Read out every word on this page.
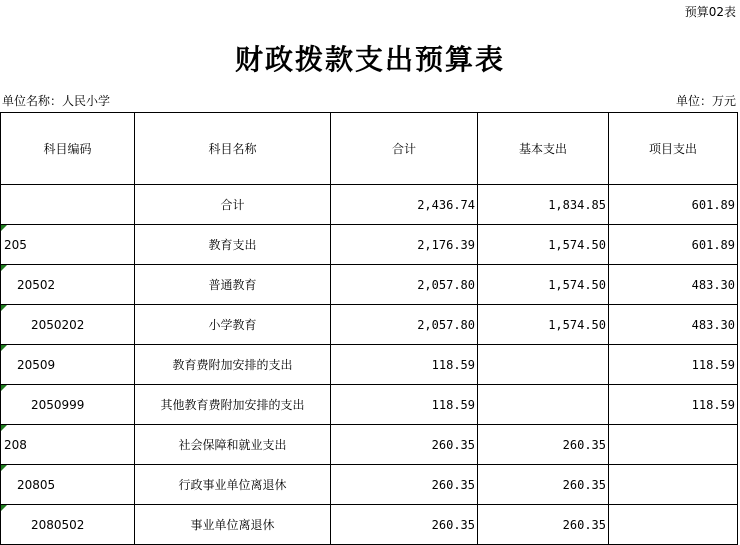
预算02表
财政拨款支出预算表
单位名称：人民小学	单位：万元
科目编码	科目名称	合计	基本支出	项目支出
	合计	2,436.74	1,834.85	601.89

205	教育支出	2,176.39	1,574.50	601.89

20502	普通教育	2,057.80	1,574.50	483.30

2050202	小学教育	2,057.80	1,574.50	483.30

20509	教育费附加安排的支出	118.59		118.59

2050999	其他教育费附加安排的支出	118.59		118.59

208	社会保障和就业支出	260.35	260.35	

20805	行政事业单位离退休	260.35	260.35	

2080502	事业单位离退休	260.35	260.35	
